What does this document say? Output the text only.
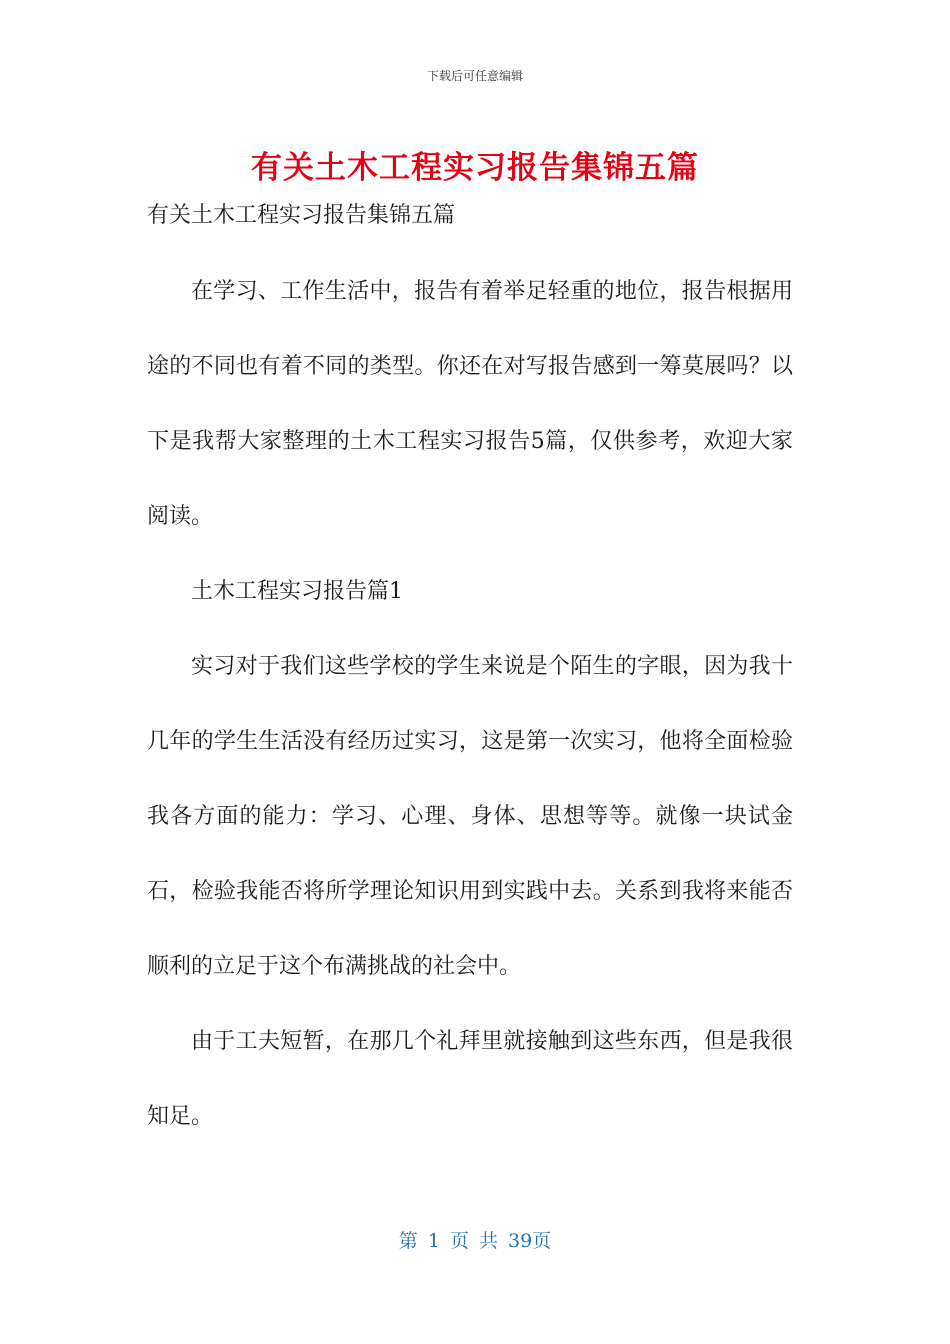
下载后可任意编辑
有关土木工程实习报告集锦五篇

有关土木工程实习报告集锦五篇

在学习、工作生活中，报告有着举足轻重的地位，报告根据用途的不同也有着不同的类型。你还在对写报告感到一筹莫展吗？以下是我帮大家整理的土木工程实习报告5篇，仅供参考，欢迎大家阅读。

土木工程实习报告篇1

实习对于我们这些学校的学生来说是个陌生的字眼，因为我十几年的学生生活没有经历过实习，这是第一次实习，他将全面检验我各方面的能力：学习、心理、身体、思想等等。就像一块试金石，检验我能否将所学理论知识用到实践中去。关系到我将来能否顺利的立足于这个布满挑战的社会中。

由于工夫短暂，在那几个礼拜里就接触到这些东西，但是我很知足。

第 1 页 共 39页
